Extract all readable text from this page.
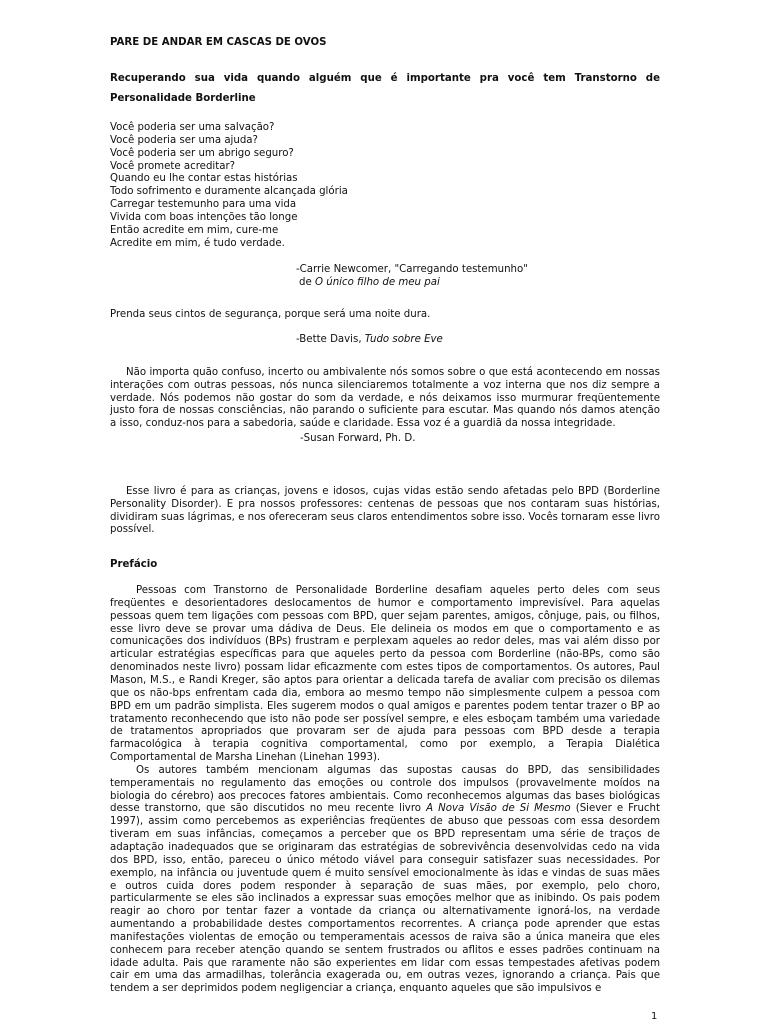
PARE DE ANDAR EM CASCAS DE OVOS
Recuperando sua vida quando alguém que é importante pra você tem Transtorno de Personalidade Borderline
Você poderia ser uma salvação?
Você poderia ser uma ajuda?
Você poderia ser um abrigo seguro?
Você promete acreditar?
Quando eu lhe contar estas histórias
Todo sofrimento e duramente alcançada glória
Carregar testemunho para uma vida
Vivida com boas intenções tão longe
Então acredite em mim, cure-me
Acredite em mim, é tudo verdade.
-Carrie Newcomer, "Carregando testemunho"
de O único filho de meu pai
Prenda seus cintos de segurança, porque será uma noite dura.
-Bette Davis, Tudo sobre Eve

Não importa quão confuso, incerto ou ambivalente nós somos sobre o que está acontecendo em nossas interações com outras pessoas, nós nunca silenciaremos totalmente a voz interna que nos diz sempre a verdade. Nós podemos não gostar do som da verdade, e nós deixamos isso murmurar freqüentemente justo fora de nossas consciências, não parando o suficiente para escutar. Mas quando nós damos atenção a isso, conduz-nos para a sabedoria, saúde e claridade. Essa voz é a guardiã da nossa integridade.

-Susan Forward, Ph. D.

Esse livro é para as crianças, jovens e idosos, cujas vidas estão sendo afetadas pelo BPD (Borderline Personality Disorder). E pra nossos professores: centenas de pessoas que nos contaram suas histórias, dividiram suas lágrimas, e nos ofereceram seus claros entendimentos sobre isso. Vocês tornaram esse livro possível.

Prefácio

Pessoas com Transtorno de Personalidade Borderline desafiam aqueles perto deles com seus freqüentes e desorientadores deslocamentos de humor e comportamento imprevisível. Para aquelas pessoas quem tem ligações com pessoas com BPD, quer sejam parentes, amigos, cônjuge, pais, ou filhos, esse livro deve se provar uma dádiva de Deus. Ele delineia os modos em que o comportamento e as comunicações dos indivíduos (BPs) frustram e perplexam aqueles ao redor deles, mas vai além disso por articular estratégias específicas para que aqueles perto da pessoa com Borderline (não-BPs, como são denominados neste livro) possam lidar eficazmente com estes tipos de comportamentos. Os autores, Paul Mason, M.S., e Randi Kreger, são aptos para orientar a delicada tarefa de avaliar com precisão os dilemas que os não-bps enfrentam cada dia, embora ao mesmo tempo não simplesmente culpem a pessoa com BPD em um padrão simplista. Eles sugerem modos o qual amigos e parentes podem tentar trazer o BP ao tratamento reconhecendo que isto não pode ser possível sempre, e eles esboçam também uma variedade de tratamentos apropriados que provaram ser de ajuda para pessoas com BPD desde a terapia farmacológica à terapia cognitiva comportamental, como por exemplo, a Terapia Dialética Comportamental de Marsha Linehan (Linehan 1993).

Os autores também mencionam algumas das supostas causas do BPD, das sensibilidades temperamentais no regulamento das emoções ou controle dos impulsos (provavelmente moídos na biologia do cérebro) aos precoces fatores ambientais. Como reconhecemos algumas das bases biológicas desse transtorno, que são discutidos no meu recente livro A Nova Visão de Si Mesmo (Siever e Frucht 1997), assim como percebemos as experiências freqüentes de abuso que pessoas com essa desordem tiveram em suas infâncias, começamos a perceber que os BPD representam uma série de traços de adaptação inadequados que se originaram das estratégias de sobrevivência desenvolvidas cedo na vida dos BPD, isso, então, pareceu o único método viável para conseguir satisfazer suas necessidades. Por exemplo, na infância ou juventude quem é muito sensível emocionalmente às idas e vindas de suas mães e outros cuida dores podem responder à separação de suas mães, por exemplo, pelo choro, particularmente se eles são inclinados a expressar suas emoções melhor que as inibindo. Os pais podem reagir ao choro por tentar fazer a vontade da criança ou alternativamente ignorá-los, na verdade aumentando a probabilidade destes comportamentos recorrentes. A criança pode aprender que estas manifestações violentas de emoção ou temperamentais acessos de raiva são a única maneira que eles conhecem para receber atenção quando se sentem frustrados ou aflitos e esses padrões continuam na idade adulta. Pais que raramente não são experientes em lidar com essas tempestades afetivas podem cair em uma das armadilhas, tolerância exagerada ou, em outras vezes, ignorando a criança. Pais que tendem a ser deprimidos podem negligenciar a criança, enquanto aqueles que são impulsivos e

1
